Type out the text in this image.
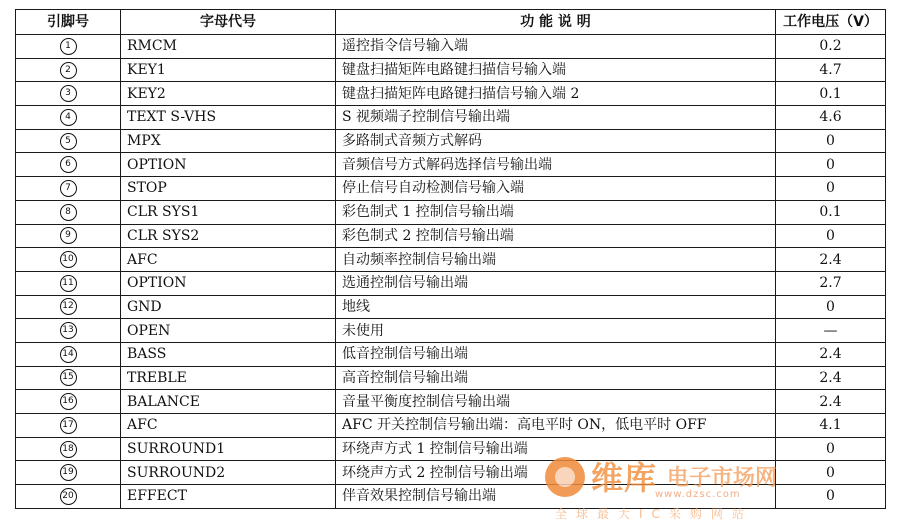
引脚号	字母代号	功 能 说 明	工作电压（V）
1	RMCM	遥控指令信号输入端	0.2
2	KEY1	键盘扫描矩阵电路键扫描信号输入端	4.7
3	KEY2	键盘扫描矩阵电路键扫描信号输入端 2	0.1
4	TEXT S-VHS	S 视频端子控制信号输出端	4.6
5	MPX	多路制式音频方式解码	0
6	OPTION	音频信号方式解码选择信号输出端	0
7	STOP	停止信号自动检测信号输入端	0
8	CLR SYS1	彩色制式 1 控制信号输出端	0.1
9	CLR SYS2	彩色制式 2 控制信号输出端	0
10	AFC	自动频率控制信号输出端	2.4
11	OPTION	选通控制信号输出端	2.7
12	GND	地线	0
13	OPEN	未使用	—
14	BASS	低音控制信号输出端	2.4
15	TREBLE	高音控制信号输出端	2.4
16	BALANCE	音量平衡度控制信号输出端	2.4
17	AFC	AFC 开关控制信号输出端：高电平时 ON，低电平时 OFF	4.1
18	SURROUND1	环绕声方式 1 控制信号输出端	0
19	SURROUND2	环绕声方式 2 控制信号输出端	0
20	EFFECT	伴音效果控制信号输出端	0
维库 电子市场网
www.dzsc.com
全球最大IC采购网站
